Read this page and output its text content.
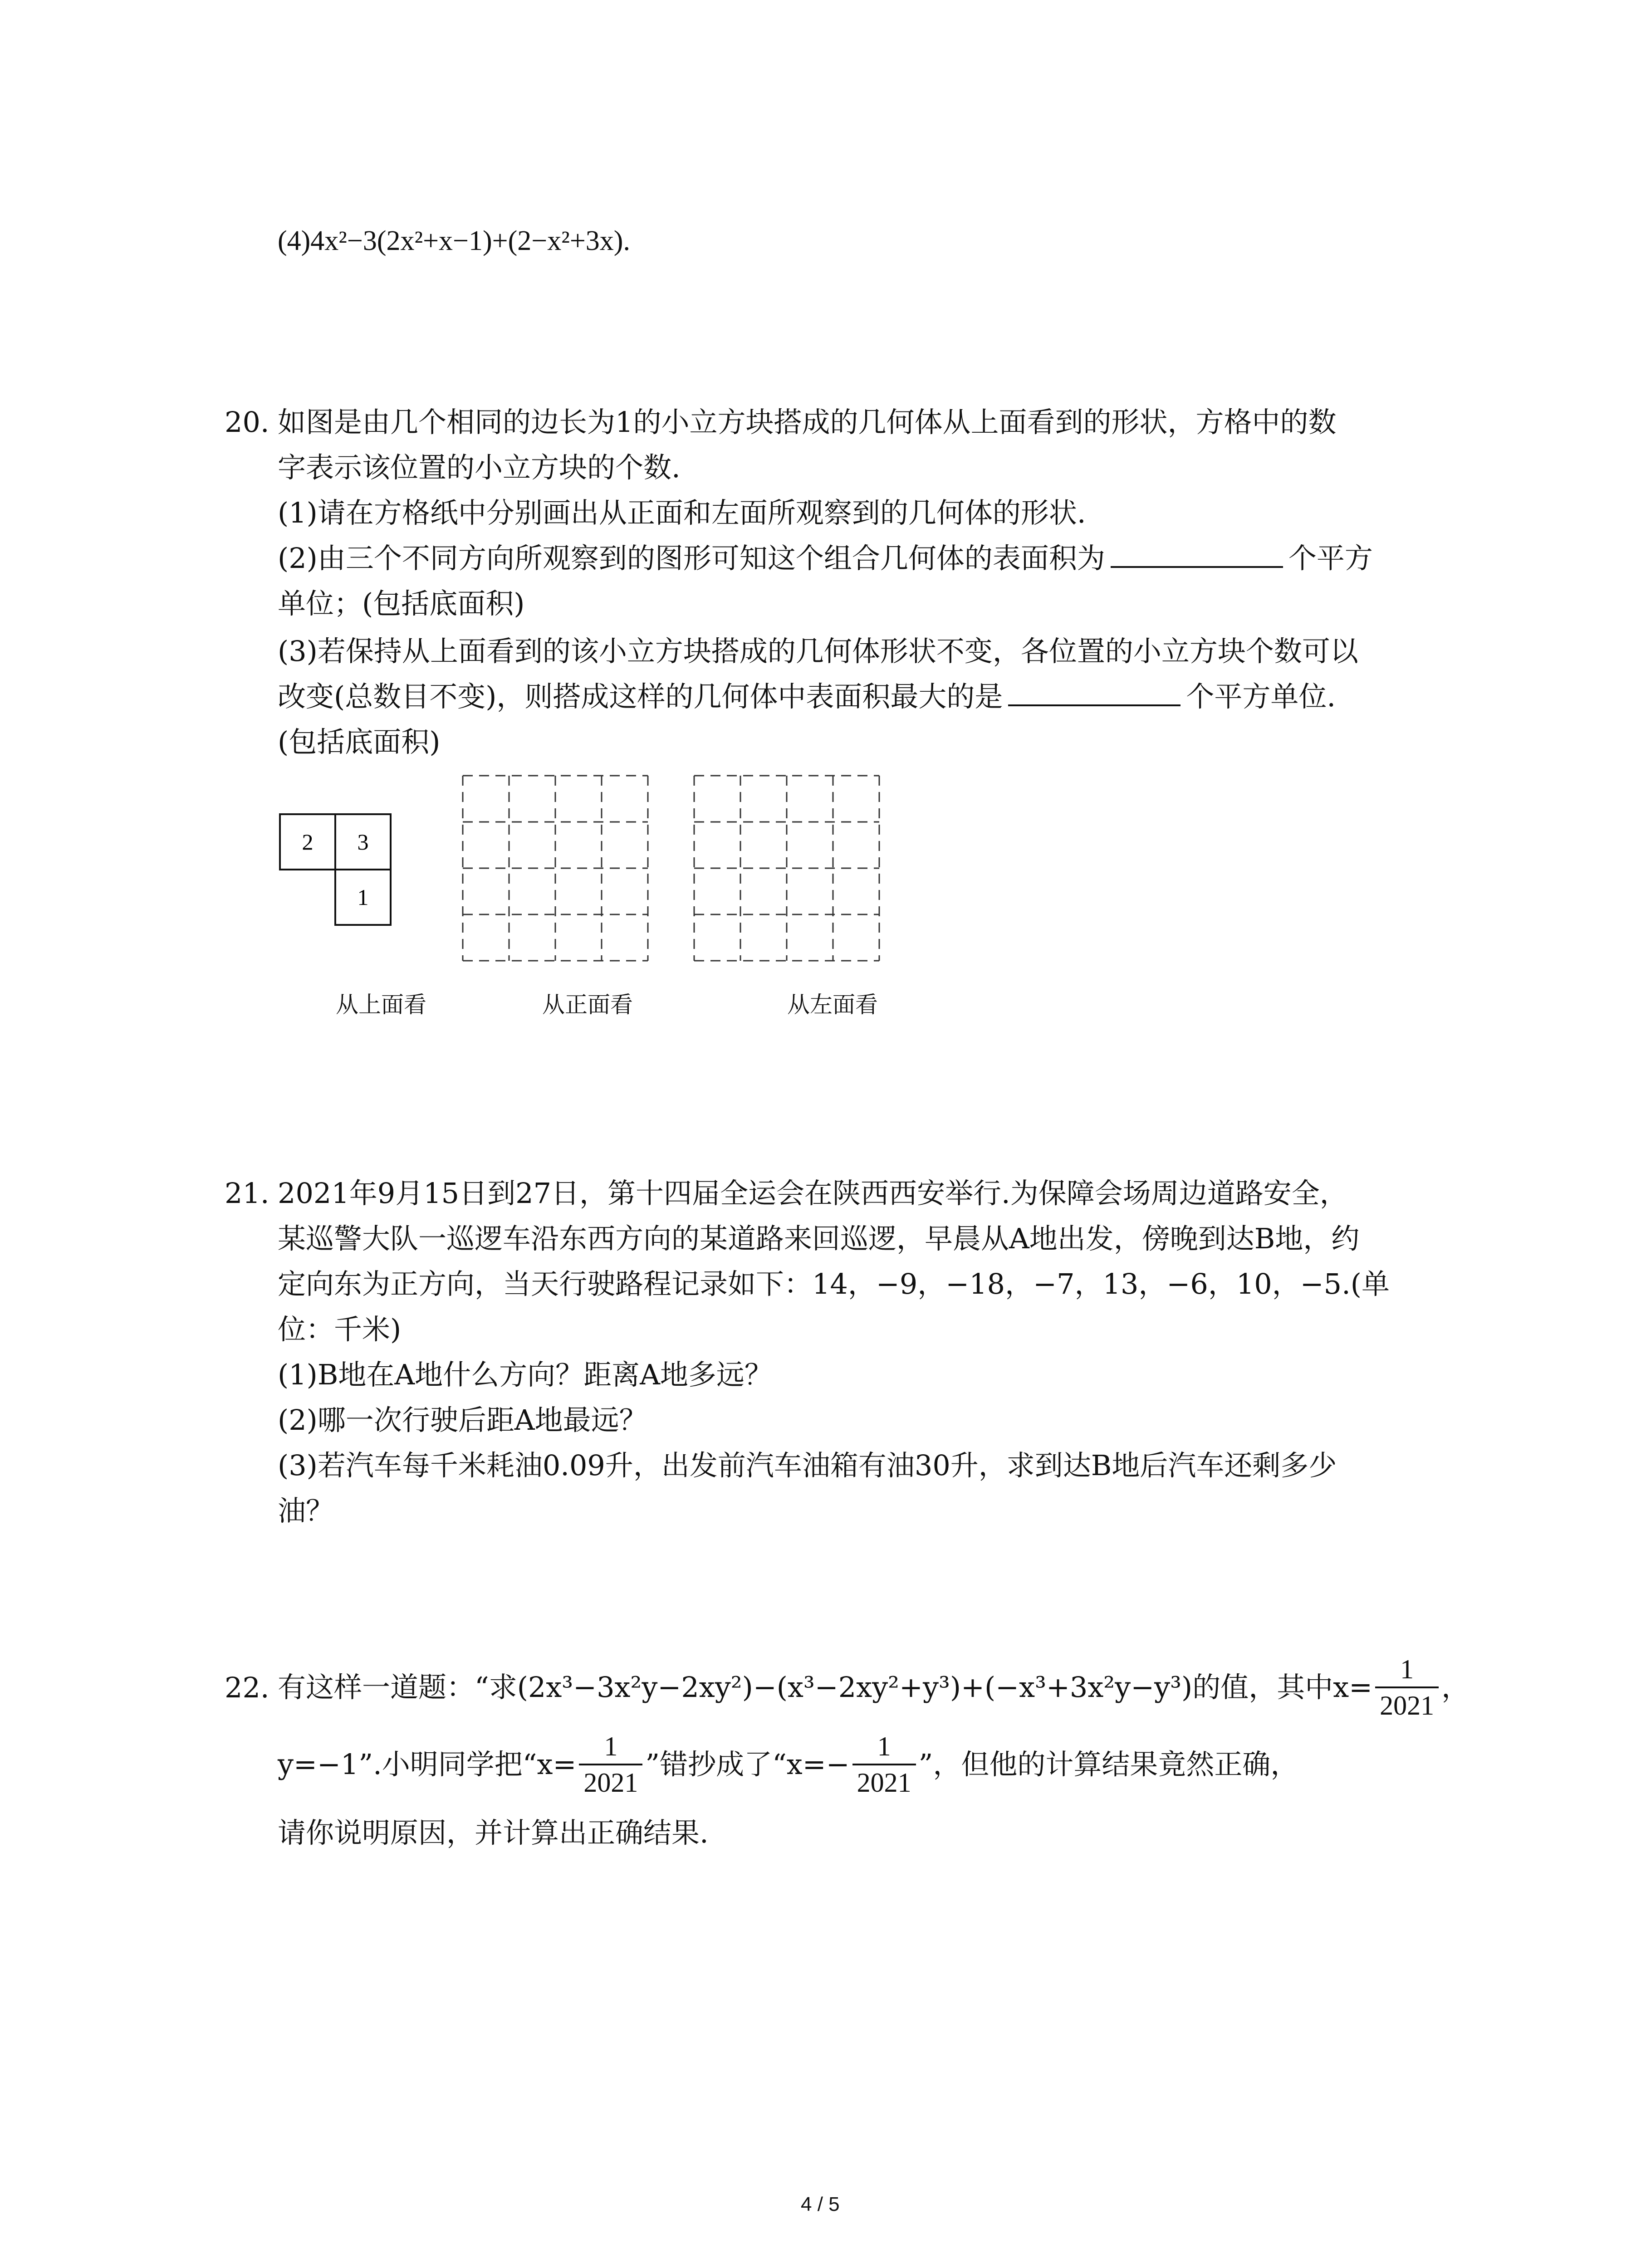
(4)4x²−3(2x²+x−1)+(2−x²+3x).
20. 如图是由几个相同的边长为1的小立方块搭成的几何体从上面看到的形状，方格中的数
字表示该位置的小立方块的个数.
(1)请在方格纸中分别画出从正面和左面所观察到的几何体的形状.
(2)由三个不同方向所观察到的图形可知这个组合几何体的表面积为	个平方
单位；(包括底面积)
(3)若保持从上面看到的该小立方块搭成的几何体形状不变，各位置的小立方块个数可以
改变(总数目不变)，则搭成这样的几何体中表面积最大的是	个平方单位.
(包括底面积)
2 3
1
从上面看	从正面看	从左面看
21. 2021年9月15日到27日，第十四届全运会在陕西西安举行.为保障会场周边道路安全，
某巡警大队一巡逻车沿东西方向的某道路来回巡逻，早晨从A地出发，傍晚到达B地，约
定向东为正方向，当天行驶路程记录如下：14，−9，−18，−7，13，−6，10，−5.(单
位：千米)
(1)B地在A地什么方向？距离A地多远？
(2)哪一次行驶后距A地最远？
(3)若汽车每千米耗油0.09升，出发前汽车油箱有油30升，求到达B地后汽车还剩多少
油？
22. 有这样一道题：“求(2x³−3x²y−2xy²)−(x³−2xy²+y³)+(−x³+3x²y−y³)的值，其中$x= \frac{1}{2021}$ ，
y=−1”.小明同学把“$x= \frac{1}{2021}$ ”错抄成了“$x=- \frac{1}{2021}$ ”，但他的计算结果竟然正确，
请你说明原因，并计算出正确结果.
4 / 5
